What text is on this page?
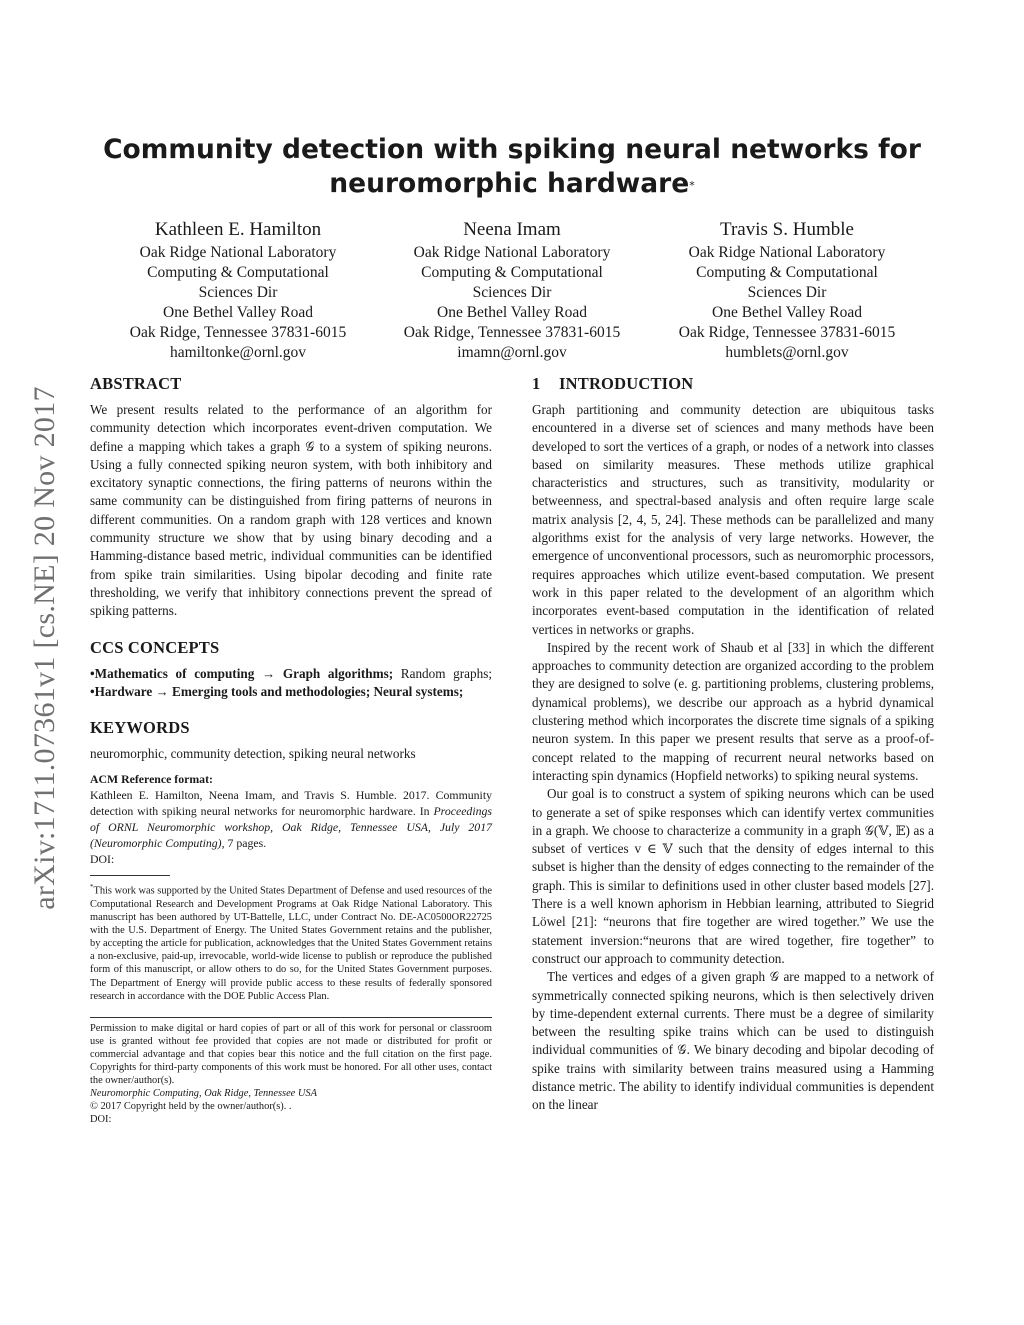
arXiv:1711.07361v1 [cs.NE] 20 Nov 2017
Community detection with spiking neural networks for
neuromorphic hardware*
Kathleen E. Hamilton
Oak Ridge National Laboratory
Computing & Computational
Sciences Dir
One Bethel Valley Road
Oak Ridge, Tennessee 37831-6015
hamiltonke@ornl.gov
Neena Imam
Oak Ridge National Laboratory
Computing & Computational
Sciences Dir
One Bethel Valley Road
Oak Ridge, Tennessee 37831-6015
imamn@ornl.gov
Travis S. Humble
Oak Ridge National Laboratory
Computing & Computational
Sciences Dir
One Bethel Valley Road
Oak Ridge, Tennessee 37831-6015
humblets@ornl.gov
ABSTRACT

We present results related to the performance of an algorithm for community detection which incorporates event-driven computation. We define a mapping which takes a graph 𝒢 to a system of spiking neurons. Using a fully connected spiking neuron system, with both inhibitory and excitatory synaptic connections, the firing patterns of neurons within the same community can be distinguished from firing patterns of neurons in different communities. On a random graph with 128 vertices and known community structure we show that by using binary decoding and a Hamming-distance based metric, individual communities can be identified from spike train similarities. Using bipolar decoding and finite rate thresholding, we verify that inhibitory connections prevent the spread of spiking patterns.

CCS CONCEPTS

•Mathematics of computing → Graph algorithms; Random graphs; •Hardware → Emerging tools and methodologies; Neural systems;

KEYWORDS

neuromorphic, community detection, spiking neural networks

ACM Reference format:

Kathleen E. Hamilton, Neena Imam, and Travis S. Humble. 2017. Community detection with spiking neural networks for neuromorphic hardware. In Proceedings of ORNL Neuromorphic workshop, Oak Ridge, Tennessee USA, July 2017 (Neuromorphic Computing), 7 pages.

DOI:

*This work was supported by the United States Department of Defense and used resources of the Computational Research and Development Programs at Oak Ridge National Laboratory. This manuscript has been authored by UT-Battelle, LLC, under Contract No. DE-AC0500OR22725 with the U.S. Department of Energy. The United States Government retains and the publisher, by accepting the article for publication, acknowledges that the United States Government retains a non-exclusive, paid-up, irrevocable, world-wide license to publish or reproduce the published form of this manuscript, or allow others to do so, for the United States Government purposes. The Department of Energy will provide public access to these results of federally sponsored research in accordance with the DOE Public Access Plan.

Permission to make digital or hard copies of part or all of this work for personal or classroom use is granted without fee provided that copies are not made or distributed for profit or commercial advantage and that copies bear this notice and the full citation on the first page. Copyrights for third-party components of this work must be honored. For all other uses, contact the owner/author(s).

Neuromorphic Computing, Oak Ridge, Tennessee USA

© 2017 Copyright held by the owner/author(s). .

DOI:

1 INTRODUCTION

Graph partitioning and community detection are ubiquitous tasks encountered in a diverse set of sciences and many methods have been developed to sort the vertices of a graph, or nodes of a network into classes based on similarity measures. These methods utilize graphical characteristics and structures, such as transitivity, modularity or betweenness, and spectral-based analysis and often require large scale matrix analysis [2, 4, 5, 24]. These methods can be parallelized and many algorithms exist for the analysis of very large networks. However, the emergence of unconventional processors, such as neuromorphic processors, requires approaches which utilize event-based computation. We present work in this paper related to the development of an algorithm which incorporates event-based computation in the identification of related vertices in networks or graphs.

Inspired by the recent work of Shaub et al [33] in which the different approaches to community detection are organized according to the problem they are designed to solve (e. g. partitioning problems, clustering problems, dynamical problems), we describe our approach as a hybrid dynamical clustering method which incorporates the discrete time signals of a spiking neuron system. In this paper we present results that serve as a proof-of-concept related to the mapping of recurrent neural networks based on interacting spin dynamics (Hopfield networks) to spiking neural systems.

Our goal is to construct a system of spiking neurons which can be used to generate a set of spike responses which can identify vertex communities in a graph. We choose to characterize a community in a graph 𝒢(𝕍, 𝔼) as a subset of vertices v ∈ 𝕍 such that the density of edges internal to this subset is higher than the density of edges connecting to the remainder of the graph. This is similar to definitions used in other cluster based models [27]. There is a well known aphorism in Hebbian learning, attributed to Siegrid Löwel [21]: “neurons that fire together are wired together.” We use the statement inversion:“neurons that are wired together, fire together” to construct our approach to community detection.

The vertices and edges of a given graph 𝒢 are mapped to a network of symmetrically connected spiking neurons, which is then selectively driven by time-dependent external currents. There must be a degree of similarity between the resulting spike trains which can be used to distinguish individual communities of 𝒢. We binary decoding and bipolar decoding of spike trains with similarity between trains measured using a Hamming distance metric. The ability to identify individual communities is dependent on the linear
